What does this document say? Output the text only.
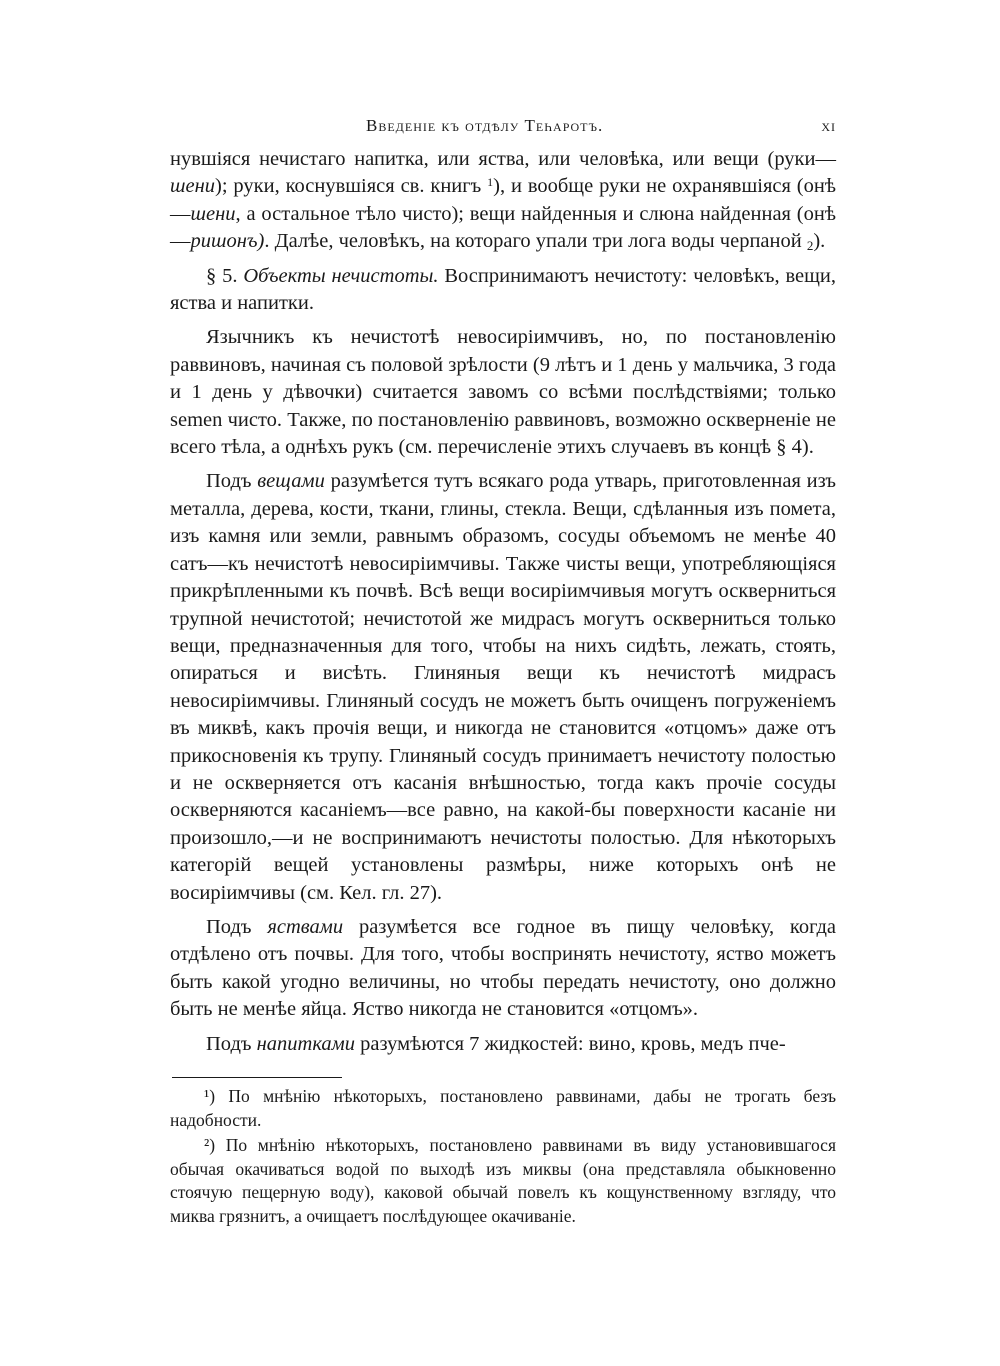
Введеніе къ отдѣлу Теһаротъ.	xi

нувшіяся нечистаго напитка, или яства, или человѣка, или вещи (руки—шени); руки, коснувшіяся св. книгъ $^1$), и вообще руки не охранявшіяся (онѣ—шени, а остальное тѣло чисто); вещи найденныя и слюна найденная (онѣ—ришонъ). Далѣе, человѣкъ, на котораго упали три лога воды черпаной $_2$).

§ 5. Объекты нечистоты. Воспринимаютъ нечистоту: человѣкъ, вещи, яства и напитки.

Язычникъ къ нечистотѣ невосиріимчивъ, но, по постановленію раввиновъ, начиная съ половой зрѣлости (9 лѣтъ и 1 день у мальчика, 3 года и 1 день у дѣвочки) считается завомъ со всѣми послѣдствіями; только semen чисто. Также, по постановленію раввиновъ, возможно оскверненіе не всего тѣла, а однѣхъ рукъ (см. перечисленіе этихъ случаевъ въ концѣ § 4).

Подъ вещами разумѣется тутъ всякаго рода утварь, приготовленная изъ металла, дерева, кости, ткани, глины, стекла. Вещи, сдѣланныя изъ помета, изъ камня или земли, равнымъ образомъ, сосуды объемомъ не менѣе 40 сатъ—къ нечистотѣ невосиріимчивы. Также чисты вещи, употребляющіяся прикрѣпленными къ почвѣ. Всѣ вещи восиріимчивыя могутъ оскверниться трупной нечистотой; нечистотой же мидрасъ могутъ оскверниться только вещи, предназначенныя для того, чтобы на нихъ сидѣть, лежать, стоять, опираться и висѣть. Глиняныя вещи къ нечистотѣ мидрасъ невосиріимчивы. Глиняный сосудъ не можетъ быть очищенъ погруженіемъ въ миквѣ, какъ прочія вещи, и никогда не становится «отцомъ» даже отъ прикосновенія къ трупу. Глиняный сосудъ принимаетъ нечистоту полостью и не оскверняется отъ касанія внѣшностью, тогда какъ прочіе сосуды оскверняются касаніемъ—все равно, на какой-бы поверхности касаніе ни произошло,—и не воспринимаютъ нечистоты полостью. Для нѣкоторыхъ категорій вещей установлены размѣры, ниже которыхъ онѣ не восиріимчивы (см. Кел. гл. 27).

Подъ яствами разумѣется все годное въ пищу человѣку, когда отдѣлено отъ почвы. Для того, чтобы воспринять нечистоту, яство можетъ быть какой угодно величины, но чтобы передать нечистоту, оно должно быть не менѣе яйца. Яство никогда не становится «отцомъ».

Подъ напитками разумѣются 7 жидкостей: вино, кровь, медъ пче-

¹) По мнѣнію нѣкоторыхъ, постановлено раввинами, дабы не трогать безъ надобности.

²) По мнѣнію нѣкоторыхъ, постановлено раввинами въ виду установившагося обычая окачиваться водой по выходѣ изъ миквы (она представляла обыкновенно стоячую пещерную воду), каковой обычай повелъ къ кощунственному взгляду, что миква грязнитъ, а очищаетъ послѣдующее окачиваніе.
